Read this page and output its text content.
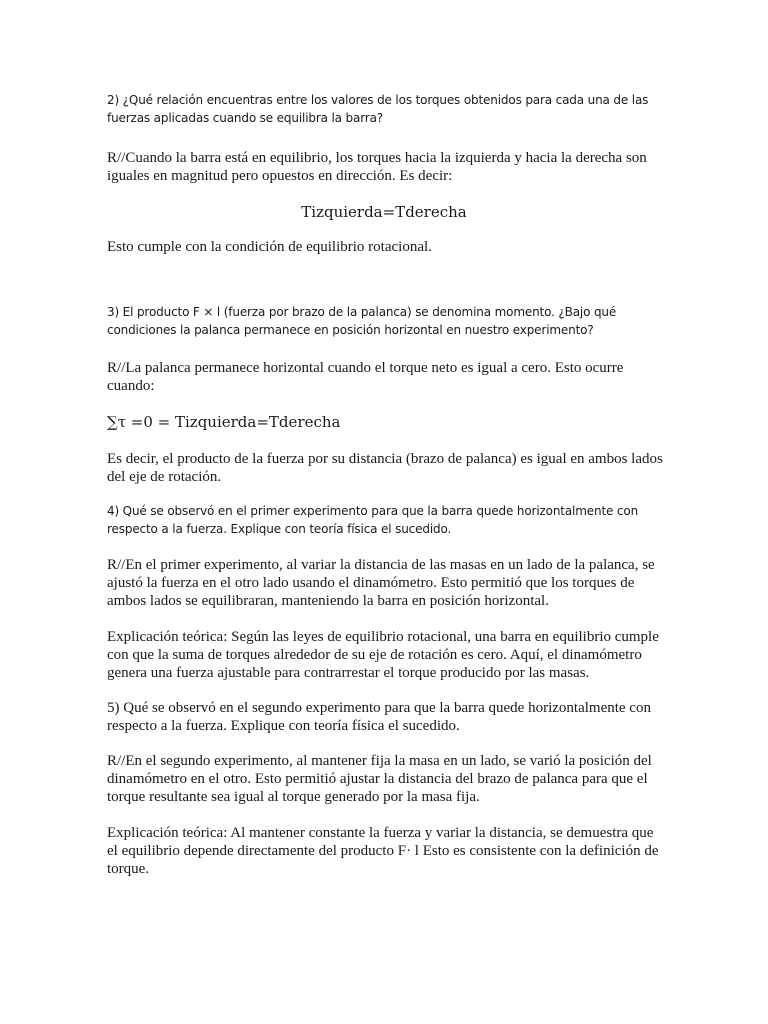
2) ¿Qué relación encuentras entre los valores de los torques obtenidos para cada una de las fuerzas aplicadas cuando se equilibra la barra?

R//Cuando la barra está en equilibrio, los torques hacia la izquierda y hacia la derecha son iguales en magnitud pero opuestos en dirección. Es decir:

Tizquierda=Tderecha

Esto cumple con la condición de equilibrio rotacional.

3) El producto F × l (fuerza por brazo de la palanca) se denomina momento. ¿Bajo qué condiciones la palanca permanece en posición horizontal en nuestro experimento?

R//La palanca permanece horizontal cuando el torque neto es igual a cero. Esto ocurre cuando:

∑τ =0 = Tizquierda=Tderecha

Es decir, el producto de la fuerza por su distancia (brazo de palanca) es igual en ambos lados del eje de rotación.

4) Qué se observó en el primer experimento para que la barra quede horizontalmente con respecto a la fuerza. Explique con teoría física el sucedido.

R//En el primer experimento, al variar la distancia de las masas en un lado de la palanca, se ajustó la fuerza en el otro lado usando el dinamómetro. Esto permitió que los torques de ambos lados se equilibraran, manteniendo la barra en posición horizontal.

Explicación teórica: Según las leyes de equilibrio rotacional, una barra en equilibrio cumple con que la suma de torques alrededor de su eje de rotación es cero. Aquí, el dinamómetro genera una fuerza ajustable para contrarrestar el torque producido por las masas.

5) Qué se observó en el segundo experimento para que la barra quede horizontalmente con respecto a la fuerza. Explique con teoría física el sucedido.

R//En el segundo experimento, al mantener fija la masa en un lado, se varió la posición del dinamómetro en el otro. Esto permitió ajustar la distancia del brazo de palanca para que el torque resultante sea igual al torque generado por la masa fija.

Explicación teórica: Al mantener constante la fuerza y variar la distancia, se demuestra que el equilibrio depende directamente del producto F· l Esto es consistente con la definición de torque.
